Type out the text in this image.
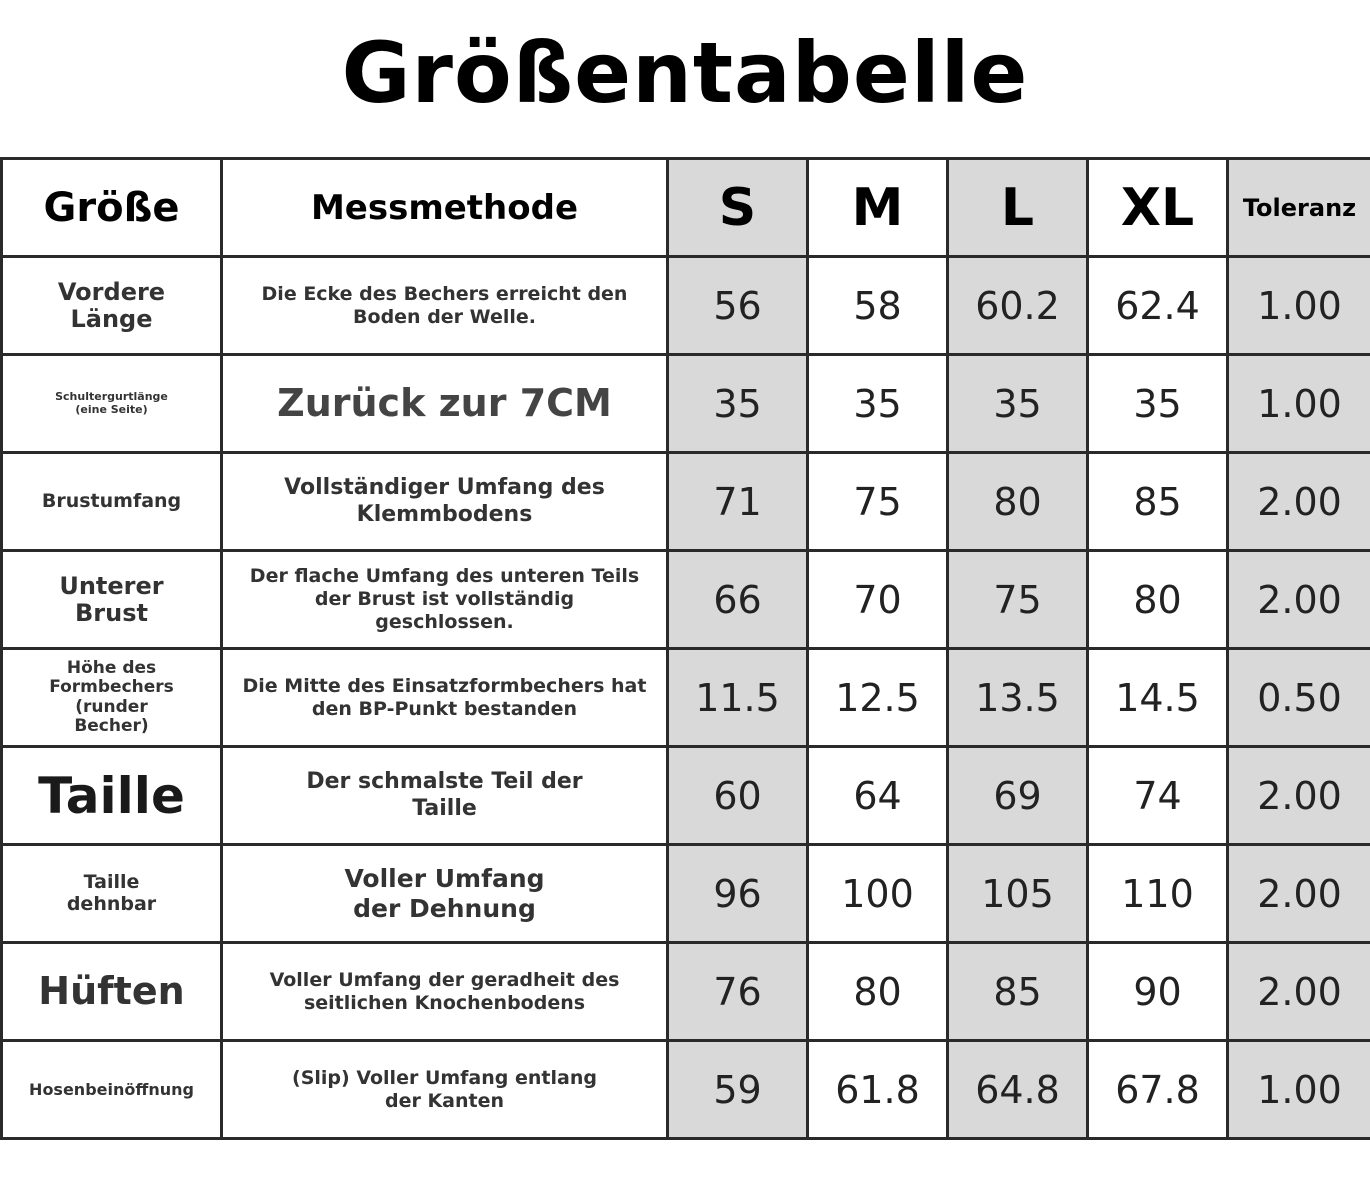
Größentabelle
Größe	Messmethode	S	M	L	XL	Toleranz
Vordere Länge	Die Ecke des Bechers erreicht den Boden der Welle.	56	58	60.2	62.4	1.00
Schultergurtlänge (eine Seite)	Zurück zur 7CM	35	35	35	35	1.00
Brustumfang	Vollständiger Umfang des Klemmbodens	71	75	80	85	2.00
Unterer Brust	Der flache Umfang des unteren Teils der Brust ist vollständig geschlossen.	66	70	75	80	2.00
Höhe des Formbechers (runder Becher)	Die Mitte des Einsatzformbechers hat den BP-Punkt bestanden	11.5	12.5	13.5	14.5	0.50
Taille	Der schmalste Teil der Taille	60	64	69	74	2.00
Taille dehnbar	Voller Umfang der Dehnung	96	100	105	110	2.00
Hüften	Voller Umfang der geradheit des seitlichen Knochenbodens	76	80	85	90	2.00
Hosenbeinöffnung	(Slip) Voller Umfang entlang der Kanten	59	61.8	64.8	67.8	1.00
